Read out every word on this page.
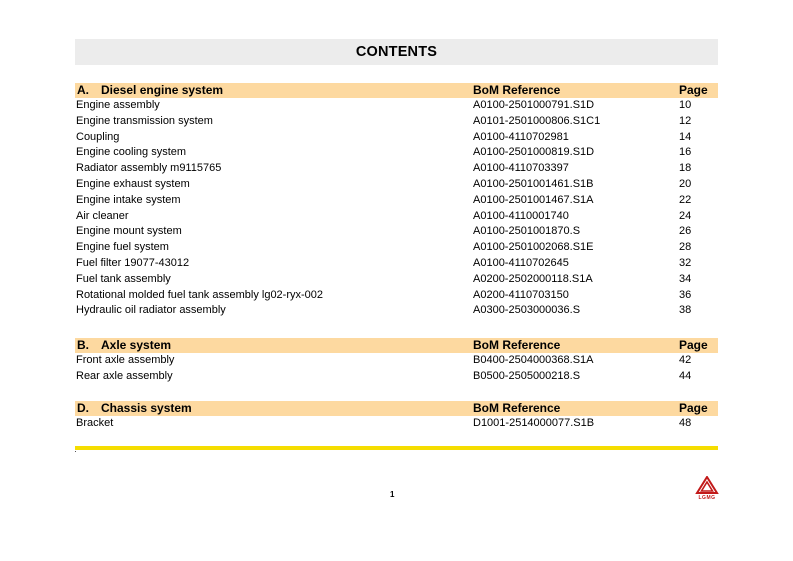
CONTENTS
A. Diesel engine system	BoM Reference	Page
Engine assembly	A0100-2501000791.S1D	10
Engine transmission system	A0101-2501000806.S1C1	12
Coupling	A0100-4110702981	14
Engine cooling system	A0100-2501000819.S1D	16
Radiator assembly m9115765	A0100-4110703397	18
Engine exhaust system	A0100-2501001461.S1B	20
Engine intake system	A0100-2501001467.S1A	22
Air cleaner	A0100-4110001740	24
Engine mount system	A0100-2501001870.S	26
Engine fuel system	A0100-2501002068.S1E	28
Fuel filter 19077-43012	A0100-4110702645	32
Fuel tank assembly	A0200-2502000118.S1A	34
Rotational molded fuel tank assembly lg02-ryx-002	A0200-4110703150	36
Hydraulic oil radiator assembly	A0300-2503000036.S	38
B. Axle system	BoM Reference	Page
Front axle assembly	B0400-2504000368.S1A	42
Rear axle assembly	B0500-2505000218.S	44
D. Chassis system	BoM Reference	Page
Bracket	D1001-2514000077.S1B	48
1	LGMG
